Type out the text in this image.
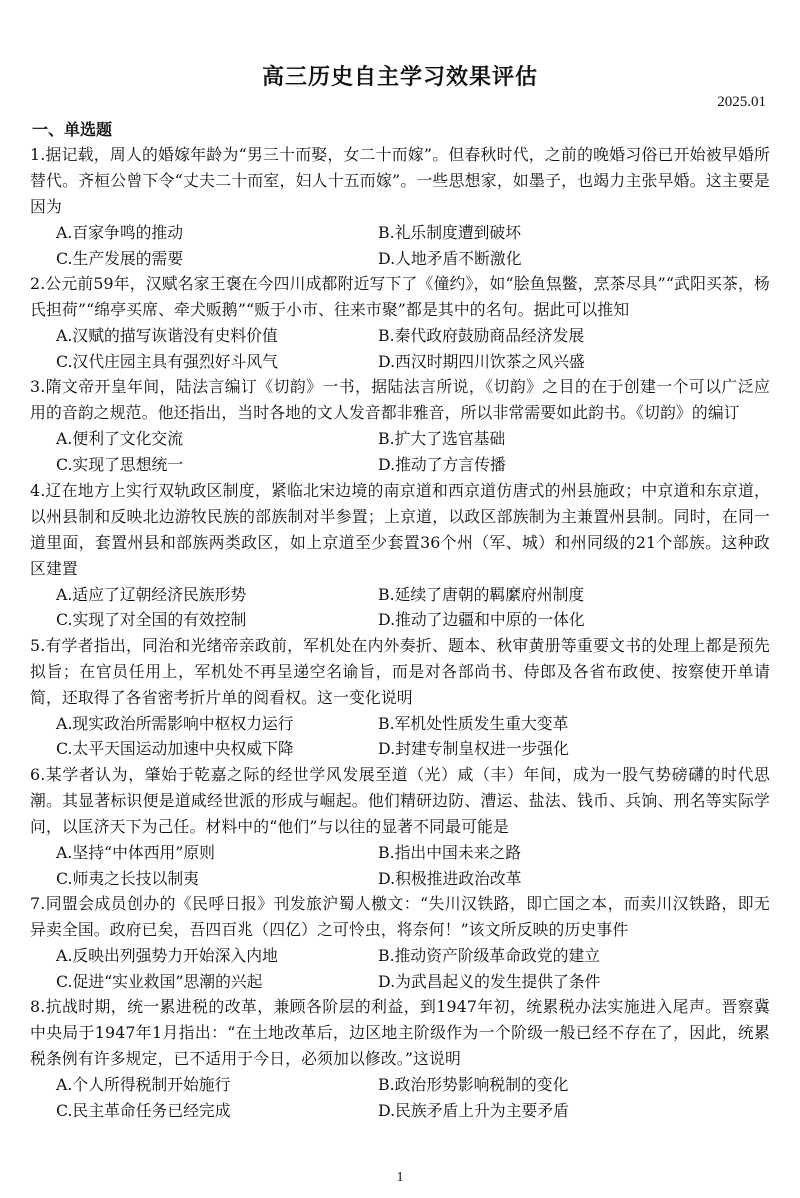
高三历史自主学习效果评估
2025.01
一、单选题

1.据记载，周人的婚嫁年龄为“男三十而娶，女二十而嫁”。但春秋时代，之前的晚婚习俗已开始被早婚所替代。齐桓公曾下令“丈夫二十而室，妇人十五而嫁”。一些思想家，如墨子，也竭力主张早婚。这主要是因为

A.百家争鸣的推动	B.礼乐制度遭到破坏
C.生产发展的需要	D.人地矛盾不断激化

2.公元前59年，汉赋名家王褒在今四川成都附近写下了《僮约》，如“脍鱼炰鳖，烹茶尽具”“武阳买茶，杨氏担荷”“绵亭买席、牵犬贩鹅”“贩于小市、往来市聚”都是其中的名句。据此可以推知

A.汉赋的描写诙谐没有史料价值	B.秦代政府鼓励商品经济发展
C.汉代庄园主具有强烈好斗风气	D.西汉时期四川饮茶之风兴盛

3.隋文帝开皇年间，陆法言编订《切韵》一书，据陆法言所说，《切韵》之目的在于创建一个可以广泛应用的音韵之规范。他还指出，当时各地的文人发音都非雅音，所以非常需要如此韵书。《切韵》的编订

A.便利了文化交流	B.扩大了选官基础
C.实现了思想统一	D.推动了方言传播

4.辽在地方上实行双轨政区制度，紧临北宋边境的南京道和西京道仿唐式的州县施政；中京道和东京道，以州县制和反映北边游牧民族的部族制对半参置；上京道，以政区部族制为主兼置州县制。同时，在同一道里面，套置州县和部族两类政区，如上京道至少套置36个州（军、城）和州同级的21个部族。这种政区建置

A.适应了辽朝经济民族形势	B.延续了唐朝的羁縻府州制度
C.实现了对全国的有效控制	D.推动了边疆和中原的一体化

5.有学者指出，同治和光绪帝亲政前，军机处在内外奏折、题本、秋审黄册等重要文书的处理上都是预先拟旨；在官员任用上，军机处不再呈递空名谕旨，而是对各部尚书、侍郎及各省布政使、按察使开单请简，还取得了各省密考折片单的阅看权。这一变化说明

A.现实政治所需影响中枢权力运行	B.军机处性质发生重大变革
C.太平天国运动加速中央权威下降	D.封建专制皇权进一步强化

6.某学者认为，肇始于乾嘉之际的经世学风发展至道（光）咸（丰）年间，成为一股气势磅礴的时代思潮。其显著标识便是道咸经世派的形成与崛起。他们精研边防、漕运、盐法、钱币、兵饷、刑名等实际学问，以匡济天下为己任。材料中的“他们”与以往的显著不同最可能是

A.坚持“中体西用”原则	B.指出中国未来之路
C.师夷之长技以制夷	D.积极推进政治改革

7.同盟会成员创办的《民呼日报》刊发旅沪蜀人檄文：“失川汉铁路，即亡国之本，而卖川汉铁路，即无异卖全国。政府已矣，吾四百兆（四亿）之可怜虫，将奈何！”该文所反映的历史事件

A.反映出列强势力开始深入内地	B.推动资产阶级革命政党的建立
C.促进“实业救国”思潮的兴起	D.为武昌起义的发生提供了条件

8.抗战时期，统一累进税的改革，兼顾各阶层的利益，到1947年初，统累税办法实施进入尾声。晋察冀中央局于1947年1月指出：“在土地改革后，边区地主阶级作为一个阶级一般已经不存在了，因此，统累税条例有许多规定，已不适用于今日，必须加以修改。”这说明

A.个人所得税制开始施行	B.政治形势影响税制的变化
C.民主革命任务已经完成	D.民族矛盾上升为主要矛盾
1
